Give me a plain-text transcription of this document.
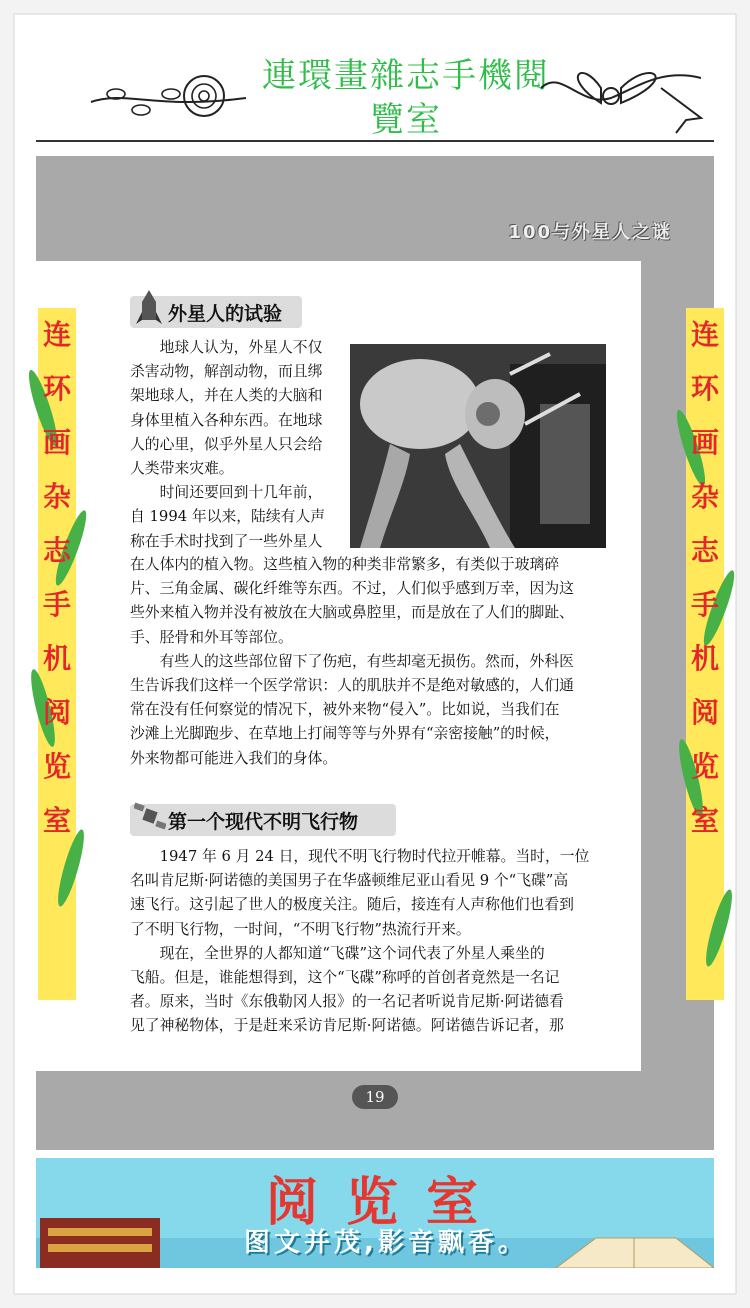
連環畫雜志手機閱
覽室
100与外星人之谜
连
环
画
杂
志
手
机
阅
览
室
连
环
画
杂
志
手
机
阅
览
室
外星人的试验

地球人认为，外星人不仅

杀害动物，解剖动物，而且绑

架地球人，并在人类的大脑和

身体里植入各种东西。在地球

人的心里，似乎外星人只会给

人类带来灾难。

时间还要回到十几年前，

自 1994 年以来，陆续有人声

称在手术时找到了一些外星人

在人体内的植入物。这些植入物的种类非常繁多，有类似于玻璃碎

片、三角金属、碳化纤维等东西。不过，人们似乎感到万幸，因为这

些外来植入物并没有被放在大脑或鼻腔里，而是放在了人们的脚趾、

手、胫骨和外耳等部位。

有些人的这些部位留下了伤疤，有些却毫无损伤。然而，外科医

生告诉我们这样一个医学常识：人的肌肤并不是绝对敏感的，人们通

常在没有任何察觉的情况下，被外来物“侵入”。比如说，当我们在

沙滩上光脚跑步、在草地上打闹等等与外界有“亲密接触”的时候，

外来物都可能进入我们的身体。

第一个现代不明飞行物

1947 年 6 月 24 日，现代不明飞行物时代拉开帷幕。当时，一位

名叫肯尼斯·阿诺德的美国男子在华盛顿维尼亚山看见 9 个“飞碟”高

速飞行。这引起了世人的极度关注。随后，接连有人声称他们也看到

了不明飞行物，一时间，“不明飞行物”热流行开来。

现在，全世界的人都知道“飞碟”这个词代表了外星人乘坐的

飞船。但是，谁能想得到，这个“飞碟”称呼的首创者竟然是一名记

者。原来，当时《东俄勒冈人报》的一名记者听说肯尼斯·阿诺德看

见了神秘物体，于是赶来采访肯尼斯·阿诺德。阿诺德告诉记者，那

19
阅览室
图文并茂,影音飘香。
